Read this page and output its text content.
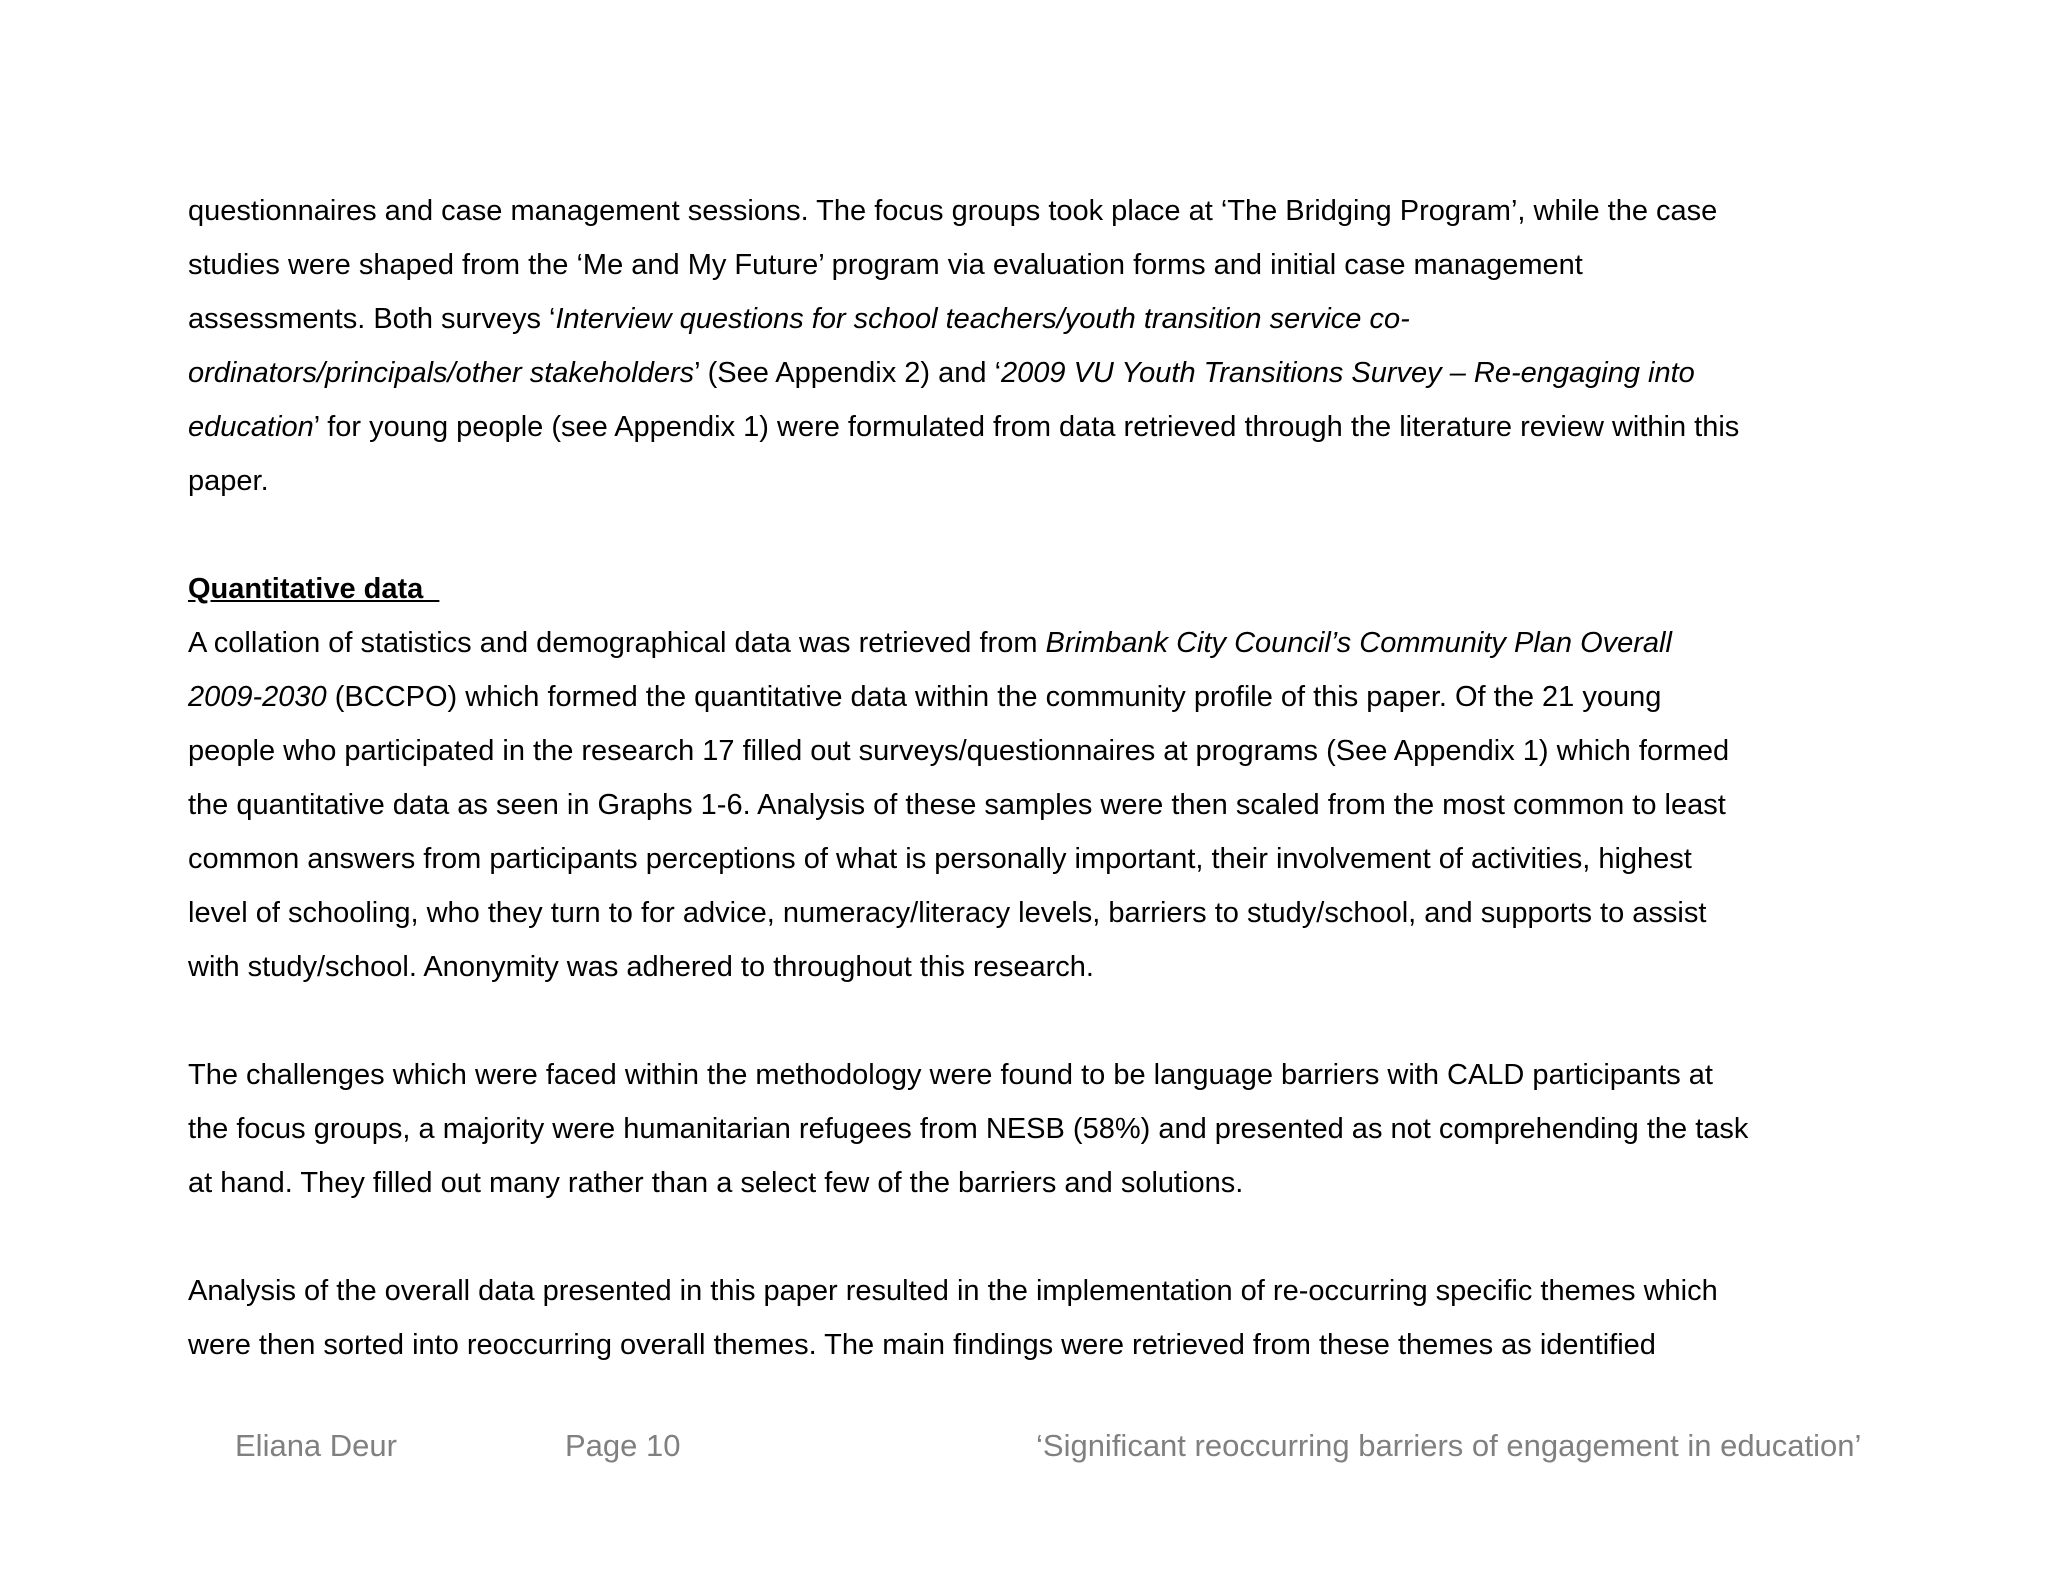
questionnaires and case management sessions. The focus groups took place at ‘The Bridging Program’, while the case
studies were shaped from the ‘Me and My Future’ program via evaluation forms and initial case management
assessments. Both surveys ‘Interview questions for school teachers/youth transition service co-
ordinators/principals/other stakeholders’ (See Appendix 2) and ‘2009 VU Youth Transitions Survey – Re-engaging into
education’ for young people (see Appendix 1) were formulated from data retrieved through the literature review within this
paper.
Quantitative data
A collation of statistics and demographical data was retrieved from Brimbank City Council’s Community Plan Overall
2009-2030 (BCCPO) which formed the quantitative data within the community profile of this paper. Of the 21 young
people who participated in the research 17 filled out surveys/questionnaires at programs (See Appendix 1) which formed
the quantitative data as seen in Graphs 1-6. Analysis of these samples were then scaled from the most common to least
common answers from participants perceptions of what is personally important, their involvement of activities, highest
level of schooling, who they turn to for advice, numeracy/literacy levels, barriers to study/school, and supports to assist
with study/school. Anonymity was adhered to throughout this research.
The challenges which were faced within the methodology were found to be language barriers with CALD participants at
the focus groups, a majority were humanitarian refugees from NESB (58%) and presented as not comprehending the task
at hand. They filled out many rather than a select few of the barriers and solutions.
Analysis of the overall data presented in this paper resulted in the implementation of re-occurring specific themes which
were then sorted into reoccurring overall themes. The main findings were retrieved from these themes as identified
Eliana Deur	Page 10	‘Significant reoccurring barriers of engagement in education’
